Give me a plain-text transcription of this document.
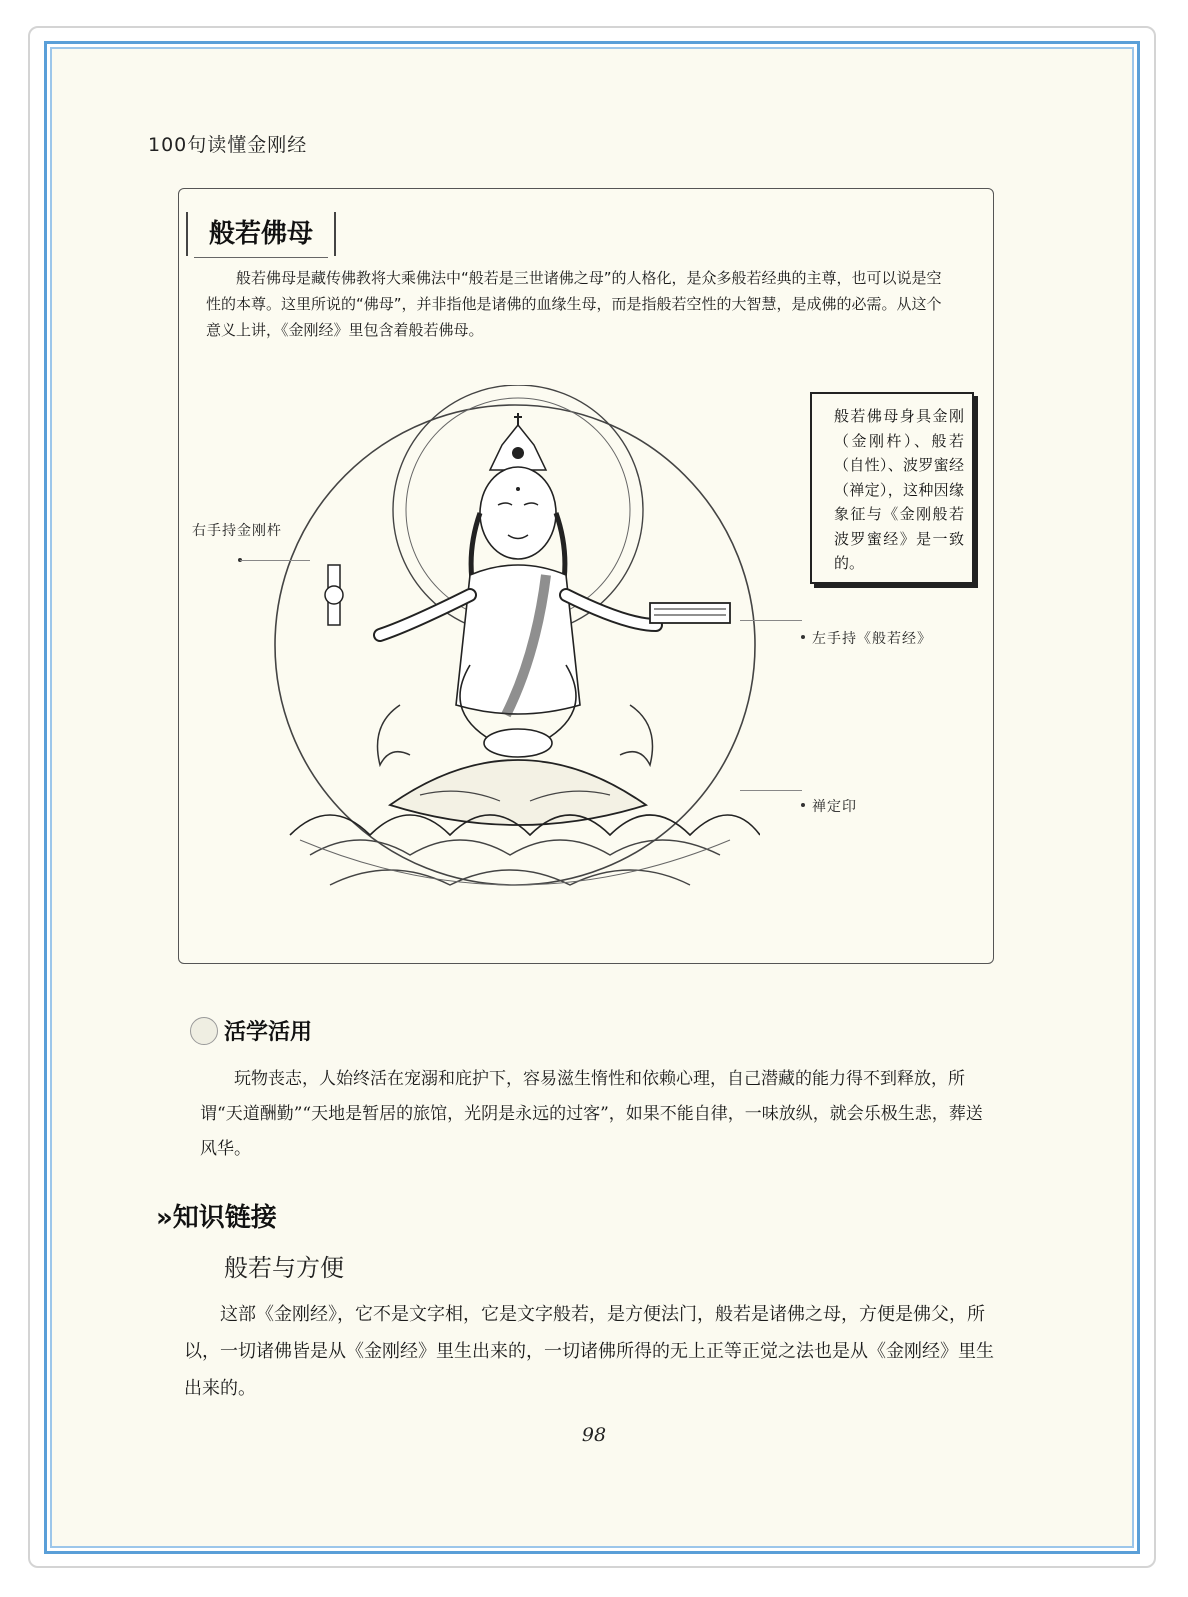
100句读懂金刚经
般若佛母
般若佛母是藏传佛教将大乘佛法中“般若是三世诸佛之母”的人格化，是众多般若经典的主尊，也可以说是空性的本尊。这里所说的“佛母”，并非指他是诸佛的血缘生母，而是指般若空性的大智慧，是成佛的必需。从这个意义上讲，《金刚经》里包含着般若佛母。
般若佛母身具金刚（金刚杵）、般若（自性）、波罗蜜经（禅定），这种因缘象征与《金刚般若波罗蜜经》是一致的。
右手持金刚杵
左手持《般若经》
禅定印
活学活用
玩物丧志，人始终活在宠溺和庇护下，容易滋生惰性和依赖心理，自己潜藏的能力得不到释放，所谓“天道酬勤”“天地是暂居的旅馆，光阴是永远的过客”，如果不能自律，一味放纵，就会乐极生悲，葬送风华。
»知识链接
般若与方便
这部《金刚经》，它不是文字相，它是文字般若，是方便法门，般若是诸佛之母，方便是佛父，所以，一切诸佛皆是从《金刚经》里生出来的，一切诸佛所得的无上正等正觉之法也是从《金刚经》里生出来的。
98
